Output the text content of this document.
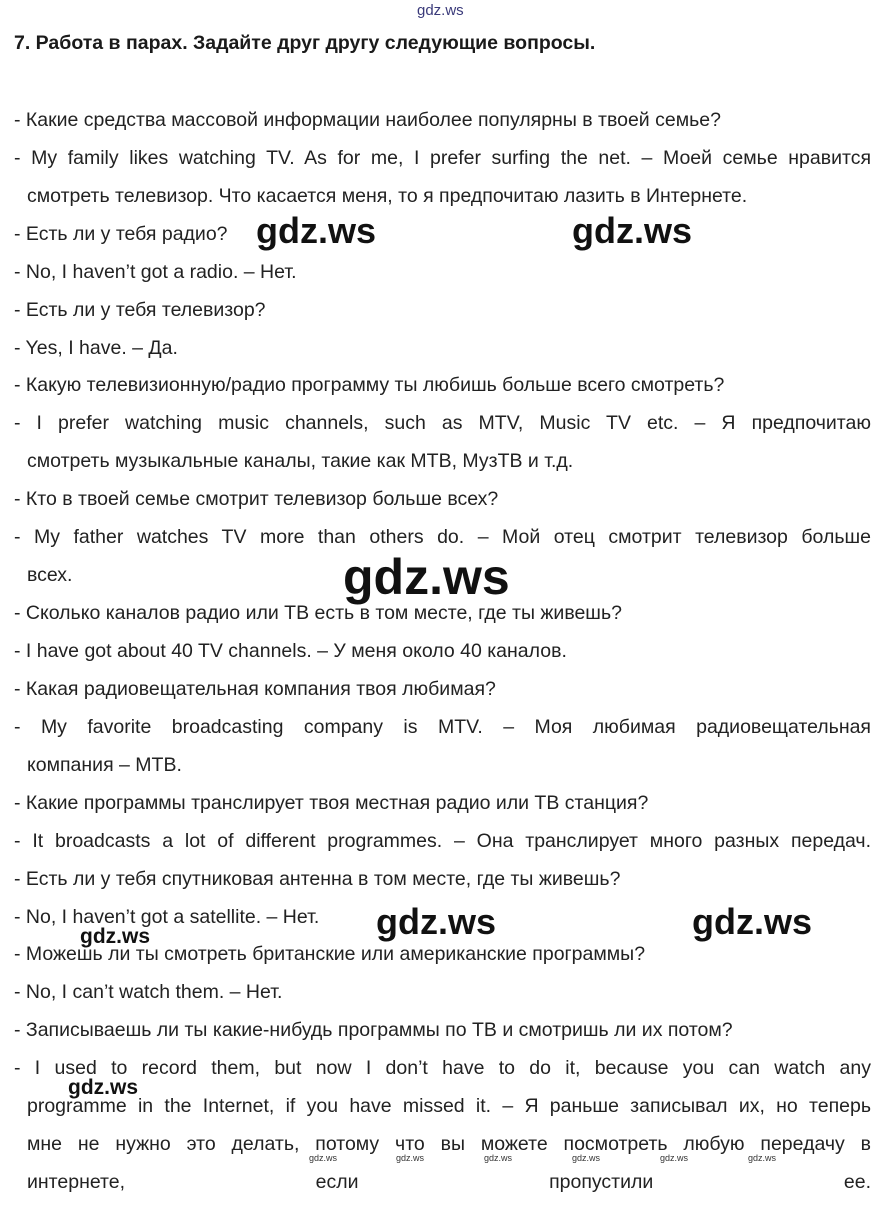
gdz.ws
7. Работа в парах. Задайте друг другу следующие вопросы.
- Какие средства массовой информации наиболее популярны в твоей семье?
- My family likes watching TV. As for me, I prefer surfing the net. – Моей семье нравится
смотреть телевизор. Что касается меня, то я предпочитаю лазить в Интернете.
- Есть ли у тебя радио?
- No, I haven’t got a radio. – Нет.
- Есть ли у тебя телевизор?
- Yes, I have. – Да.
- Какую телевизионную/радио программу ты любишь больше всего смотреть?
- I prefer watching music channels, such as MTV, Music TV etc. – Я предпочитаю
смотреть музыкальные каналы, такие как МТВ, МузТВ и т.д.
- Кто в твоей семье смотрит телевизор больше всех?
- My father watches TV more than others do. – Мой отец смотрит телевизор больше
всех.
- Сколько каналов радио или ТВ есть в том месте, где ты живешь?
- I have got about 40 TV channels. – У меня около 40 каналов.
- Какая радиовещательная компания твоя любимая?
- My favorite broadcasting company is MTV. – Моя любимая радиовещательная
компания – МТВ.
- Какие программы транслирует твоя местная радио или ТВ станция?
- It broadcasts a lot of different programmes. – Она транслирует много разных передач.
- Есть ли у тебя спутниковая антенна в том месте, где ты живешь?
- No, I haven’t got a satellite. – Нет.
- Можешь ли ты смотреть британские или американские программы?
- No, I can’t watch them. – Нет.
- Записываешь ли ты какие-нибудь программы по ТВ и смотришь ли их потом?
- I used to record them, but now I don’t have to do it, because you can watch any
programme in the Internet, if you have missed it. – Я раньше записывал их, но теперь
мне не нужно это делать, потому что вы можете посмотреть любую передачу в
интернете, если пропустили ее.
gdz.ws	gdz.ws
gdz.ws
gdz.ws	gdz.ws
gdz.ws
gdz.ws
gdz.ws	gdz.ws	gdz.ws	gdz.ws	gdz.ws	gdz.ws
